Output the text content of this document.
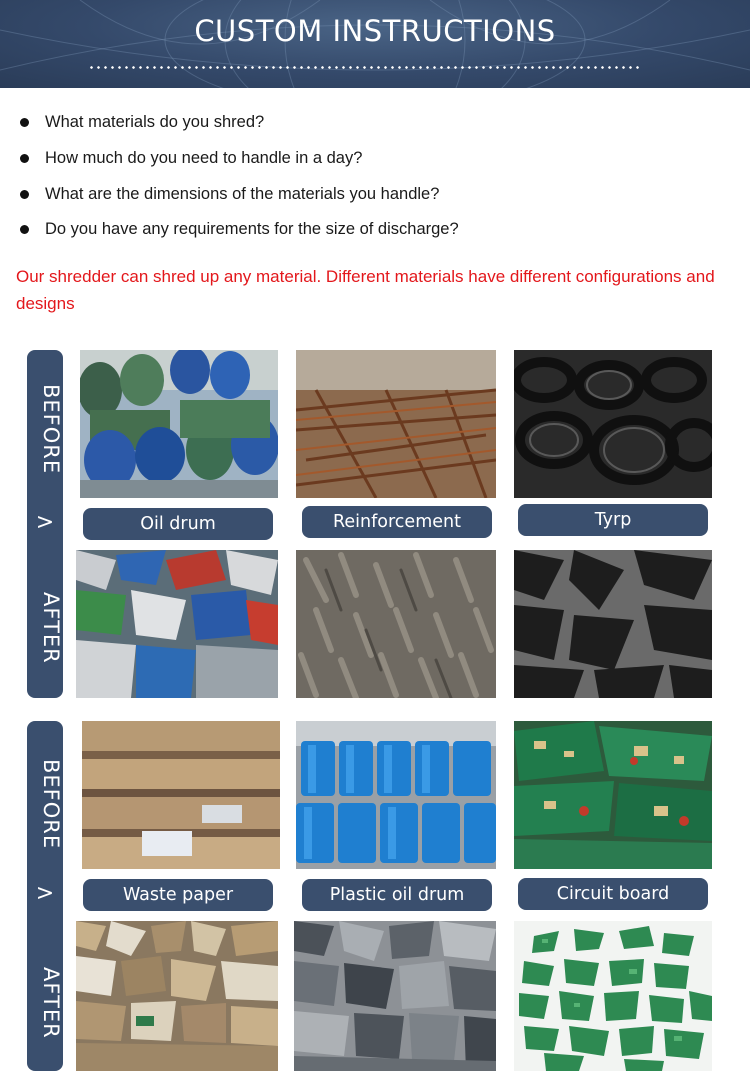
CUSTOM INSTRUCTIONS
What materials do you shred?
How much do you need to handle in a day?
What are the dimensions of the materials you handle?
Do you have any requirements for the size of discharge?
Our shredder can shred up any material. Different materials have different configurations and designs
BEFORE
>
AFTER
Oil drum	Reinforcement	Tyrp
BEFORE
>
AFTER
Waste paper	Plastic oil drum	Circuit board
